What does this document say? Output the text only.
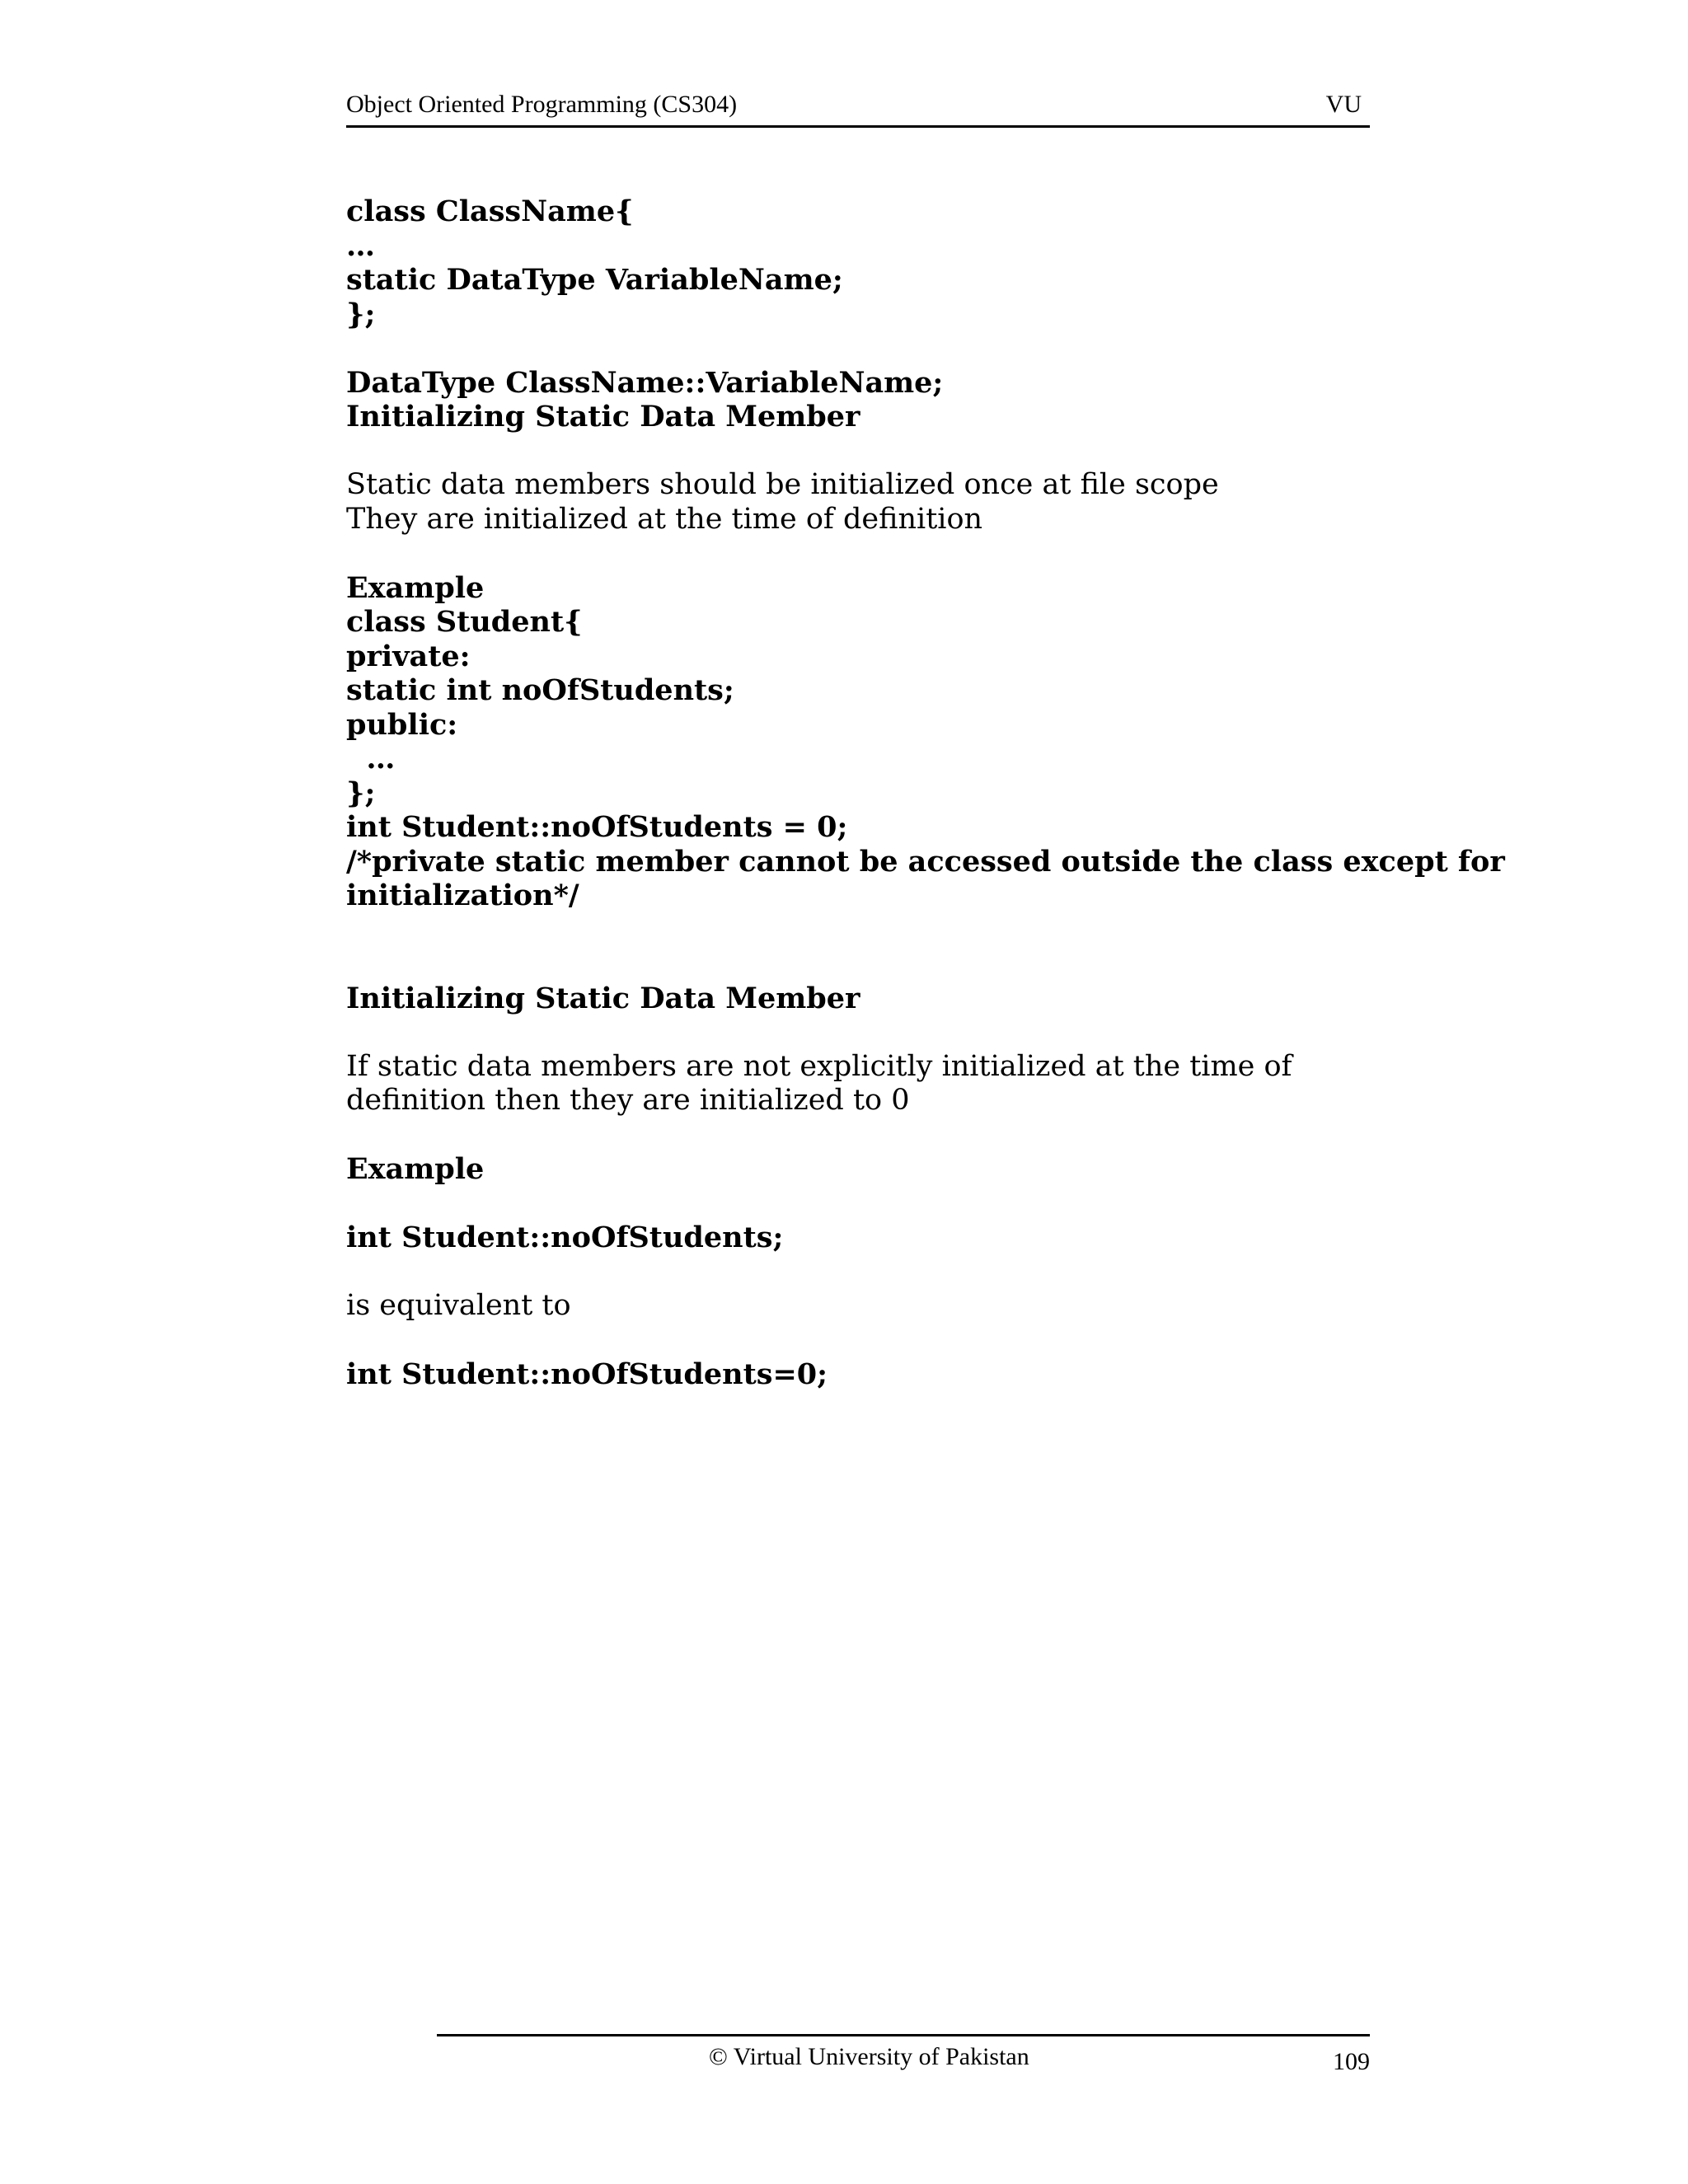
Object Oriented Programming (CS304)	VU
class ClassName{
…
static DataType VariableName;
};
DataType ClassName::VariableName;
Initializing Static Data Member
Static data members should be initialized once at file scope
They are initialized at the time of definition
Example
class Student{
private:
static int noOfStudents;
public:
…
};
int Student::noOfStudents = 0;
/*private static member cannot be accessed outside the class except for
initialization*/
Initializing Static Data Member
If static data members are not explicitly initialized at the time of definition then they are initialized to 0
Example
int Student::noOfStudents;
is equivalent to
int Student::noOfStudents=0;
© Virtual University of Pakistan	109
